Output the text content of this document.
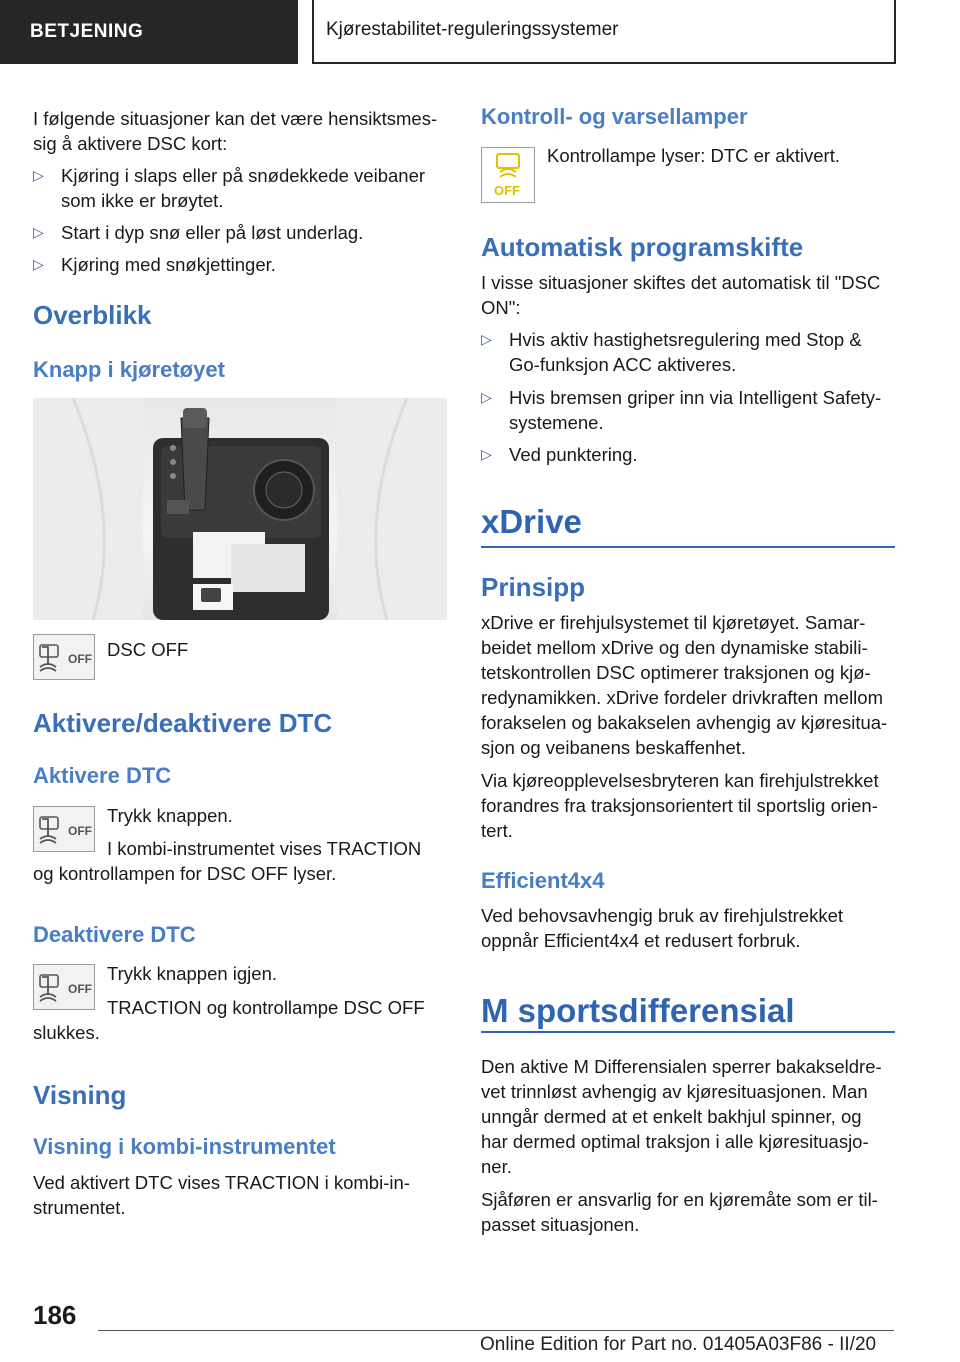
BETJENING	Kjørestabilitet-reguleringssystemer
I følgende situasjoner kan det være hensiktsmes-
sig å aktivere DSC kort:
▷ Kjøring i slaps eller på snødekkede veibaner
som ikke er brøytet.
▷ Start i dyp snø eller på løst underlag.
▷ Kjøring med snøkjettinger.
Overblikk
Knapp i kjøretøyet
OFF DSC OFF
Aktivere/deaktivere DTC
Aktivere DTC
OFF
Trykk knappen.
I kombi-instrumentet vises TRACTION
og kontrollampen for DSC OFF lyser.
Deaktivere DTC
OFF
Trykk knappen igjen.
TRACTION og kontrollampe DSC OFF
slukkes.
Visning
Visning i kombi-instrumentet
Ved aktivert DTC vises TRACTION i kombi-in-
strumentet.
Kontroll- og varsellamper
OFF
Kontrollampe lyser: DTC er aktivert.
Automatisk programskifte
I visse situasjoner skiftes det automatisk til "DSC
ON":
▷ Hvis aktiv hastighetsregulering med Stop &
Go-funksjon ACC aktiveres.
▷ Hvis bremsen griper inn via Intelligent Safety-
systemene.
▷ Ved punktering.
xDrive
Prinsipp
xDrive er firehjulsystemet til kjøretøyet. Samar-
beidet mellom xDrive og den dynamiske stabili-
tetskontrollen DSC optimerer traksjonen og kjø-
redynamikken. xDrive fordeler drivkraften mellom
forakselen og bakakselen avhengig av kjøresitua-
sjon og veibanens beskaffenhet.
Via kjøreopplevelsesbryteren kan firehjulstrekket
forandres fra traksjonsorientert til sportslig orien-
tert.
Efficient4x4
Ved behovsavhengig bruk av firehjulstrekket
oppnår Efficient4x4 et redusert forbruk.
M sportsdifferensial
Den aktive M Differensialen sperrer bakakseldre-
vet trinnløst avhengig av kjøresituasjonen. Man
unngår dermed at et enkelt bakhjul spinner, og
har dermed optimal traksjon i alle kjøresituasjo-
ner.
Sjåføren er ansvarlig for en kjøremåte som er til-
passet situasjonen.
186
Online Edition for Part no. 01405A03F86 - II/20
